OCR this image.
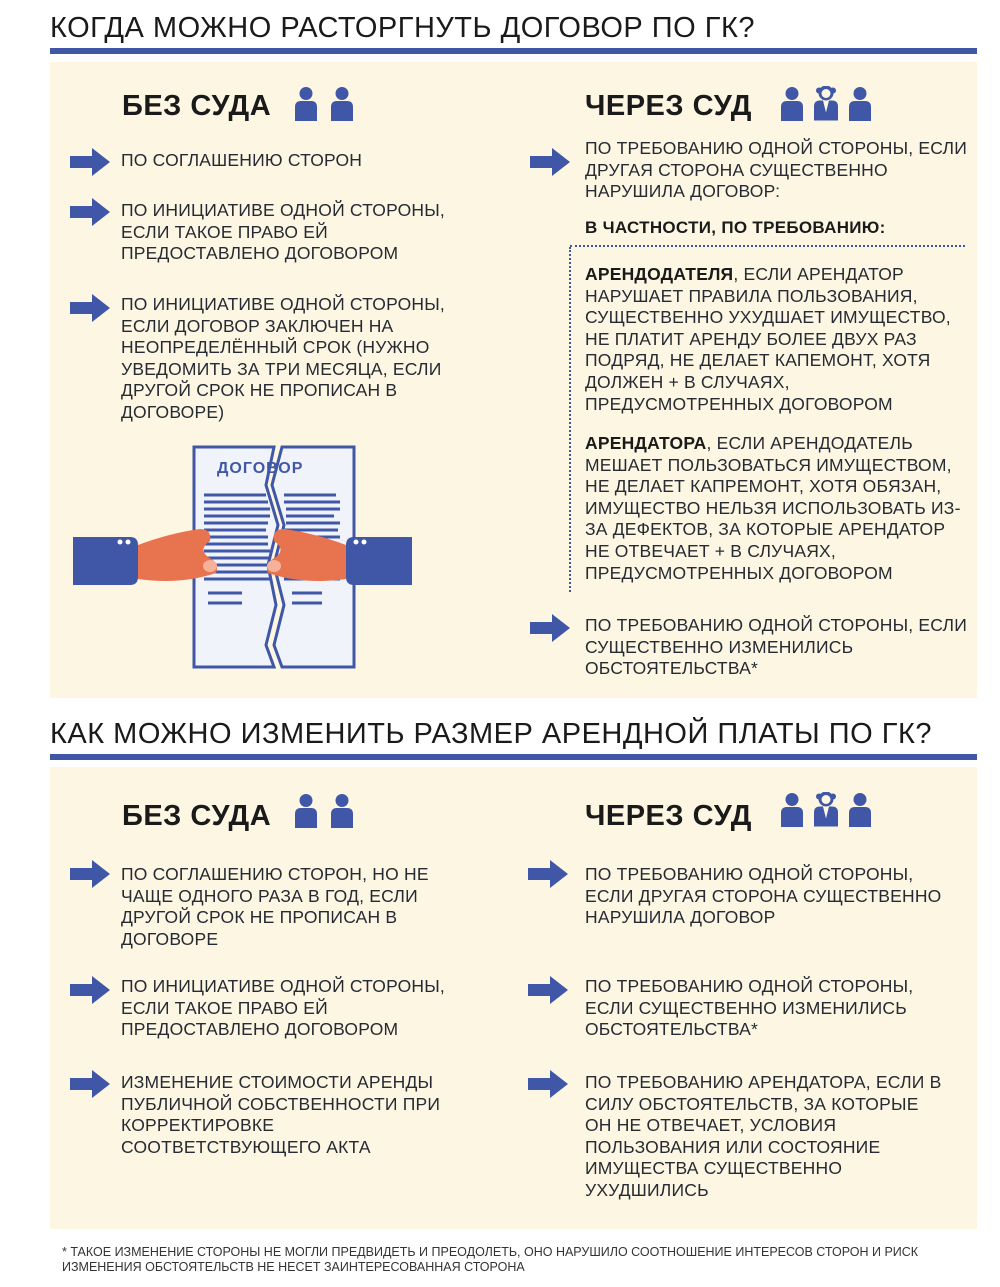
КОГДА МОЖНО РАСТОРГНУТЬ ДОГОВОР ПО ГК?
БЕЗ СУДА
ПО СОГЛАШЕНИЮ СТОРОН
ПО ИНИЦИАТИВЕ ОДНОЙ СТОРОНЫ, ЕСЛИ ТАКОЕ ПРАВО ЕЙ ПРЕДОСТАВЛЕНО ДОГОВОРОМ
ПО ИНИЦИАТИВЕ ОДНОЙ СТОРОНЫ, ЕСЛИ ДОГОВОР ЗАКЛЮЧЕН НА НЕОПРЕДЕЛЁННЫЙ СРОК (НУЖНО УВЕДОМИТЬ ЗА ТРИ МЕСЯЦА, ЕСЛИ ДРУГОЙ СРОК НЕ ПРОПИСАН В ДОГОВОРЕ)
ДОГОВОР
ЧЕРЕЗ СУД
ПО ТРЕБОВАНИЮ ОДНОЙ СТОРОНЫ, ЕСЛИ ДРУГАЯ СТОРОНА СУЩЕСТВЕННО НАРУШИЛА ДОГОВОР:
В ЧАСТНОСТИ, ПО ТРЕБОВАНИЮ:
АРЕНДОДАТЕЛЯ, ЕСЛИ АРЕНДАТОР НАРУШАЕТ ПРАВИЛА ПОЛЬЗОВАНИЯ, СУЩЕСТВЕННО УХУДШАЕТ ИМУЩЕСТВО, НЕ ПЛАТИТ АРЕНДУ БОЛЕЕ ДВУХ РАЗ ПОДРЯД, НЕ ДЕЛАЕТ КАПЕМОНТ, ХОТЯ ДОЛЖЕН + В СЛУЧАЯХ, ПРЕДУСМОТРЕННЫХ ДОГОВОРОМ
АРЕНДАТОРА, ЕСЛИ АРЕНДОДАТЕЛЬ МЕШАЕТ ПОЛЬЗОВАТЬСЯ ИМУЩЕСТВОМ, НЕ ДЕЛАЕТ КАПРЕМОНТ, ХОТЯ ОБЯЗАН, ИМУЩЕСТВО НЕЛЬЗЯ ИСПОЛЬЗОВАТЬ ИЗ-ЗА ДЕФЕКТОВ, ЗА КОТОРЫЕ АРЕНДАТОР НЕ ОТВЕЧАЕТ + В СЛУЧАЯХ, ПРЕДУСМОТРЕННЫХ ДОГОВОРОМ
ПО ТРЕБОВАНИЮ ОДНОЙ СТОРОНЫ, ЕСЛИ СУЩЕСТВЕННО ИЗМЕНИЛИСЬ ОБСТОЯТЕЛЬСТВА*
КАК МОЖНО ИЗМЕНИТЬ РАЗМЕР АРЕНДНОЙ ПЛАТЫ ПО ГК?
БЕЗ СУДА
ПО СОГЛАШЕНИЮ СТОРОН, НО НЕ ЧАЩЕ ОДНОГО РАЗА В ГОД, ЕСЛИ ДРУГОЙ СРОК НЕ ПРОПИСАН В ДОГОВОРЕ
ПО ИНИЦИАТИВЕ ОДНОЙ СТОРОНЫ, ЕСЛИ ТАКОЕ ПРАВО ЕЙ ПРЕДОСТАВЛЕНО ДОГОВОРОМ
ИЗМЕНЕНИЕ СТОИМОСТИ АРЕНДЫ ПУБЛИЧНОЙ СОБСТВЕННОСТИ ПРИ КОРРЕКТИРОВКЕ СООТВЕТСТВУЮЩЕГО АКТА
ЧЕРЕЗ СУД
ПО ТРЕБОВАНИЮ ОДНОЙ СТОРОНЫ, ЕСЛИ ДРУГАЯ СТОРОНА СУЩЕСТВЕННО НАРУШИЛА ДОГОВОР
ПО ТРЕБОВАНИЮ ОДНОЙ СТОРОНЫ, ЕСЛИ СУЩЕСТВЕННО ИЗМЕНИЛИСЬ ОБСТОЯТЕЛЬСТВА*
ПО ТРЕБОВАНИЮ АРЕНДАТОРА, ЕСЛИ В СИЛУ ОБСТОЯТЕЛЬСТВ, ЗА КОТОРЫЕ ОН НЕ ОТВЕЧАЕТ, УСЛОВИЯ ПОЛЬЗОВАНИЯ ИЛИ СОСТОЯНИЕ ИМУЩЕСТВА СУЩЕСТВЕННО УХУДШИЛИСЬ
* ТАКОЕ ИЗМЕНЕНИЕ СТОРОНЫ НЕ МОГЛИ ПРЕДВИДЕТЬ И ПРЕОДОЛЕТЬ, ОНО НАРУШИЛО СООТНОШЕНИЕ ИНТЕРЕСОВ СТОРОН И РИСК ИЗМЕНЕНИЯ ОБСТОЯТЕЛЬСТВ НЕ НЕСЕТ ЗАИНТЕРЕСОВАННАЯ СТОРОНА
